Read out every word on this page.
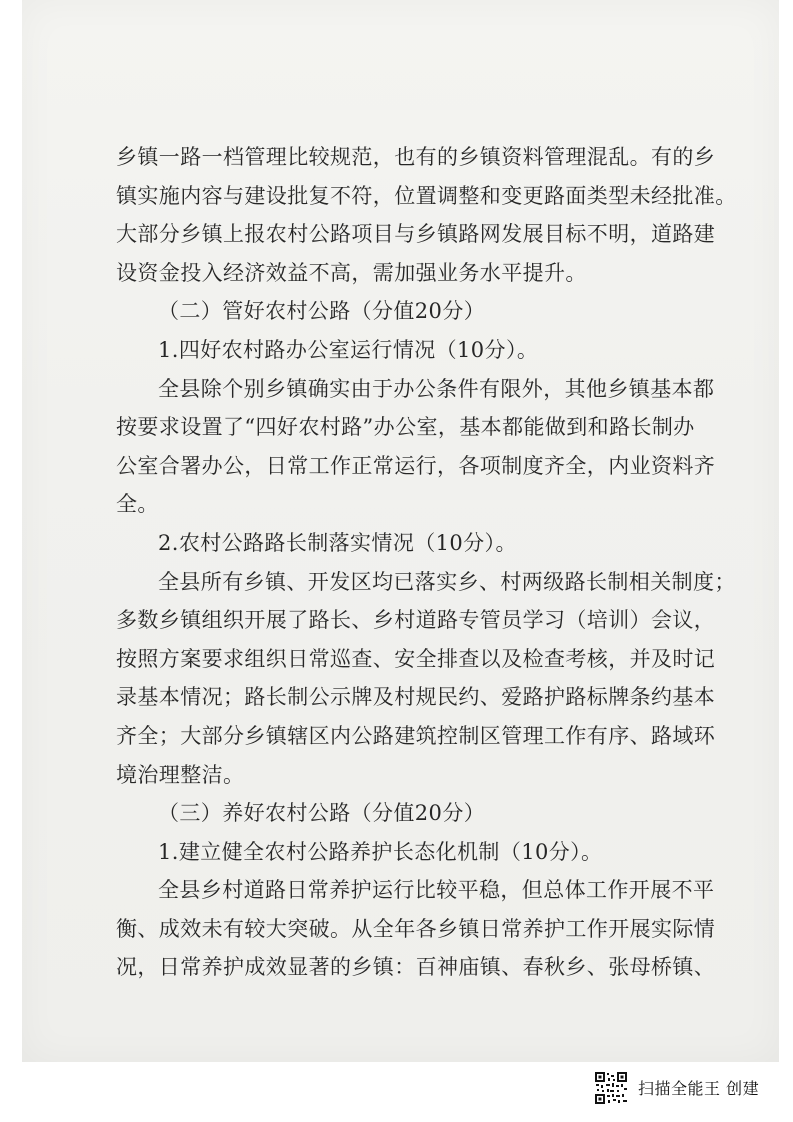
乡镇一路一档管理比较规范，也有的乡镇资料管理混乱。有的乡
镇实施内容与建设批复不符，位置调整和变更路面类型未经批准。
大部分乡镇上报农村公路项目与乡镇路网发展目标不明，道路建
设资金投入经济效益不高，需加强业务水平提升。
（二）管好农村公路（分值20分）
1.四好农村路办公室运行情况（10分）。
全县除个别乡镇确实由于办公条件有限外，其他乡镇基本都
按要求设置了“四好农村路”办公室，基本都能做到和路长制办
公室合署办公，日常工作正常运行，各项制度齐全，内业资料齐
全。
2.农村公路路长制落实情况（10分）。
全县所有乡镇、开发区均已落实乡、村两级路长制相关制度；
多数乡镇组织开展了路长、乡村道路专管员学习（培训）会议，
按照方案要求组织日常巡查、安全排查以及检查考核，并及时记
录基本情况；路长制公示牌及村规民约、爱路护路标牌条约基本
齐全；大部分乡镇辖区内公路建筑控制区管理工作有序、路域环
境治理整洁。
（三）养好农村公路（分值20分）
1.建立健全农村公路养护长态化机制（10分）。
全县乡村道路日常养护运行比较平稳，但总体工作开展不平
衡、成效未有较大突破。从全年各乡镇日常养护工作开展实际情
况，日常养护成效显著的乡镇：百神庙镇、春秋乡、张母桥镇、
扫描全能王 创建
